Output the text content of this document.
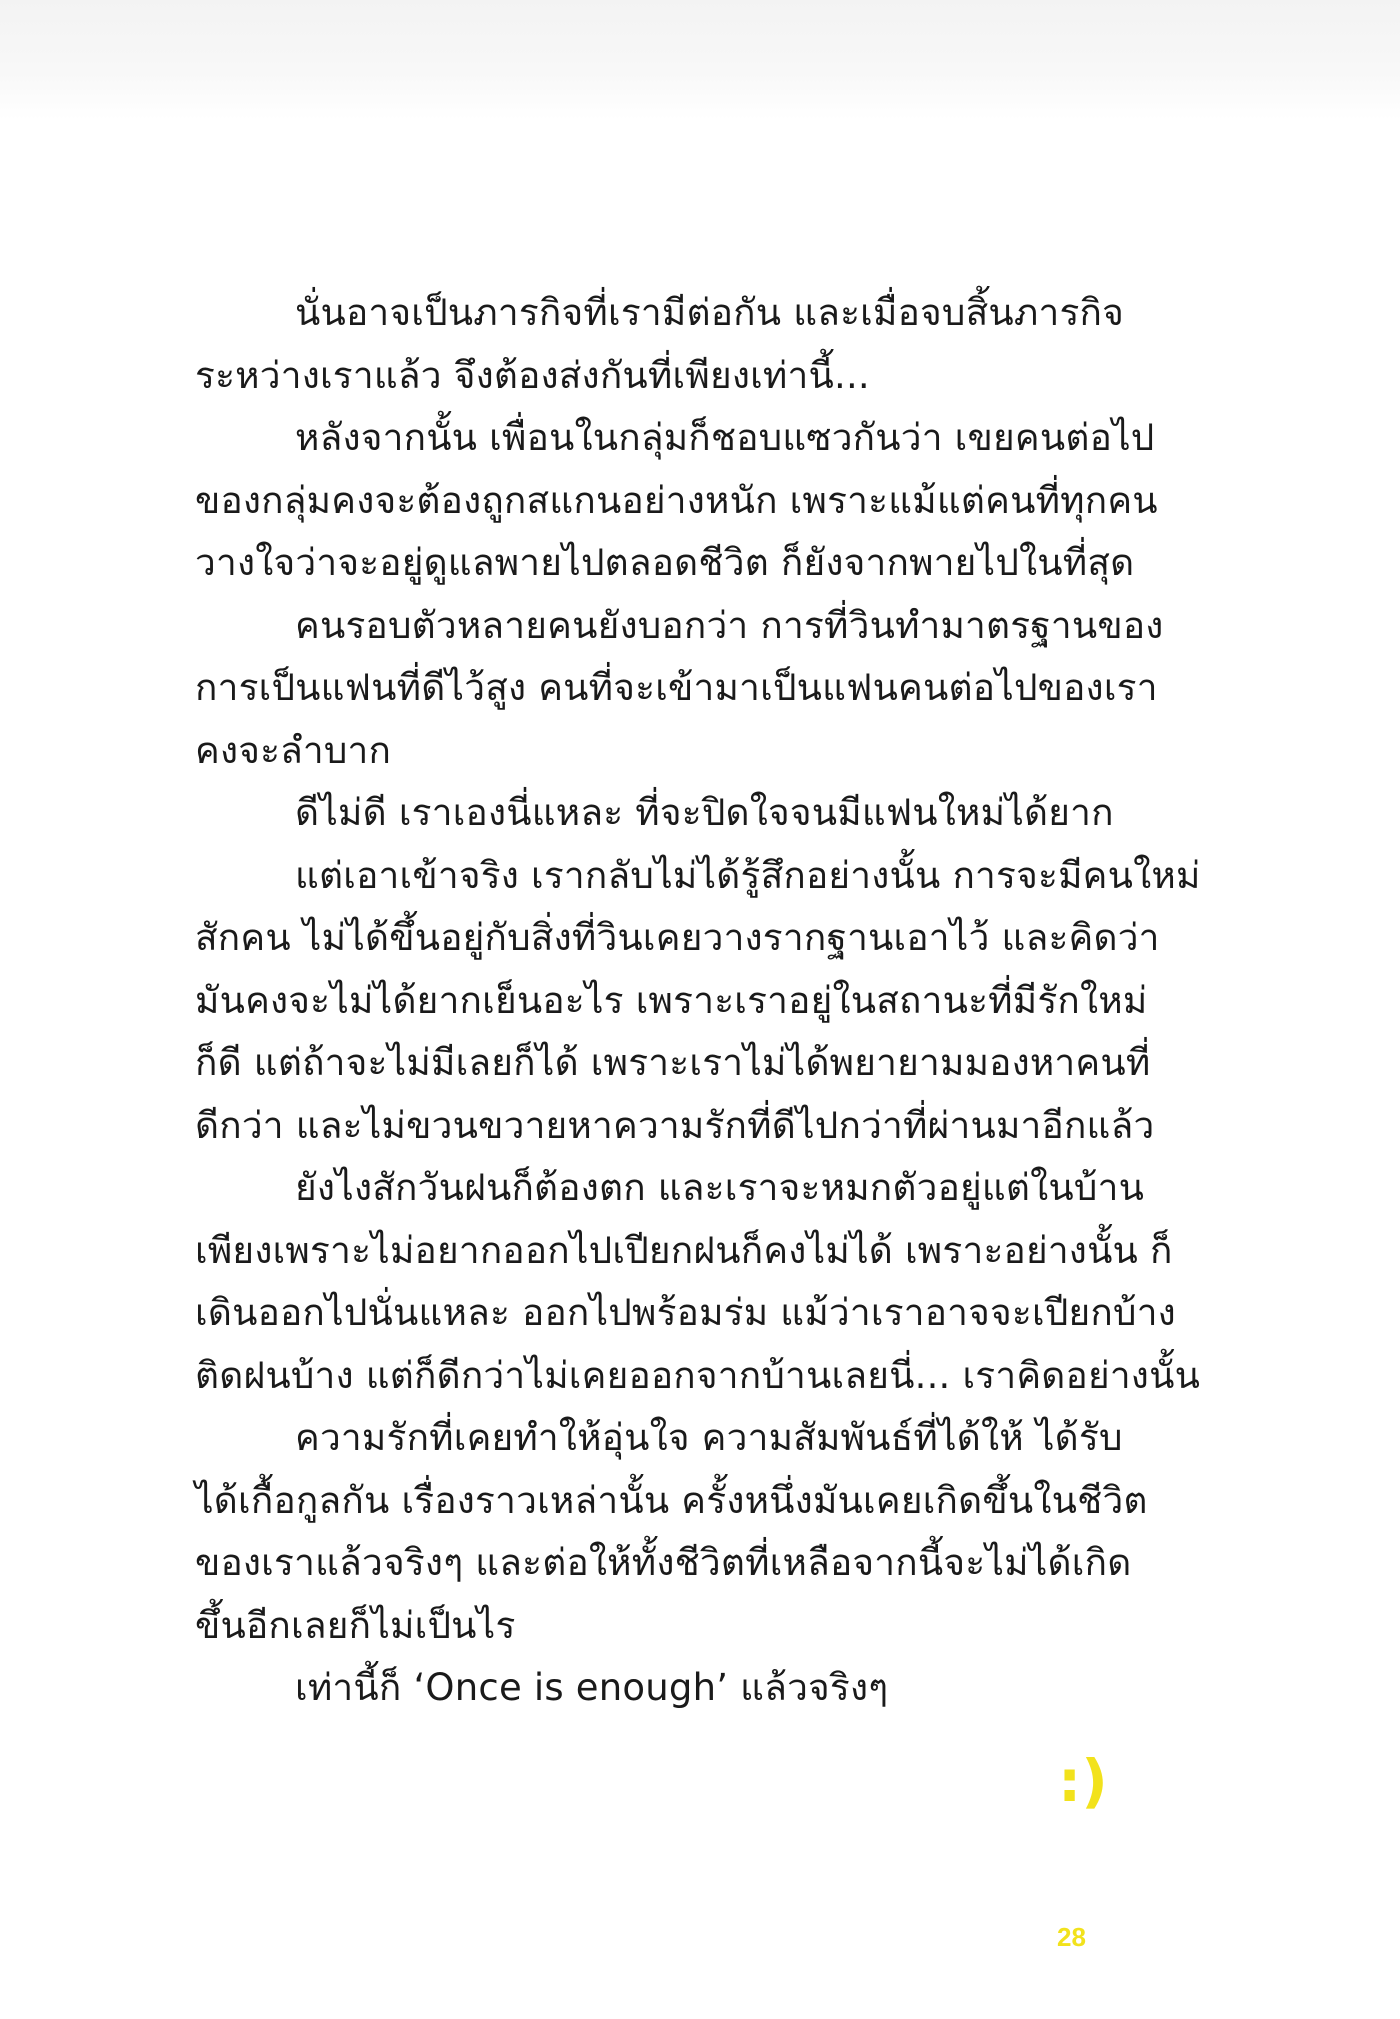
นั่นอาจเป็นภารกิจที่เรามีต่อกัน และเมื่อจบสิ้นภารกิจ
ระหว่างเราแล้ว จึงต้องส่งกันที่เพียงเท่านี้...
หลังจากนั้น เพื่อนในกลุ่มก็ชอบแซวกันว่า เขยคนต่อไป
ของกลุ่มคงจะต้องถูกสแกนอย่างหนัก เพราะแม้แต่คนที่ทุกคน
วางใจว่าจะอยู่ดูแลพายไปตลอดชีวิต ก็ยังจากพายไปในที่สุด
คนรอบตัวหลายคนยังบอกว่า การที่วินทำมาตรฐานของ
การเป็นแฟนที่ดีไว้สูง คนที่จะเข้ามาเป็นแฟนคนต่อไปของเรา
คงจะลำบาก
ดีไม่ดี เราเองนี่แหละ ที่จะปิดใจจนมีแฟนใหม่ได้ยาก
แต่เอาเข้าจริง เรากลับไม่ได้รู้สึกอย่างนั้น การจะมีคนใหม่
สักคน ไม่ได้ขึ้นอยู่กับสิ่งที่วินเคยวางรากฐานเอาไว้ และคิดว่า
มันคงจะไม่ได้ยากเย็นอะไร เพราะเราอยู่ในสถานะที่มีรักใหม่
ก็ดี แต่ถ้าจะไม่มีเลยก็ได้ เพราะเราไม่ได้พยายามมองหาคนที่
ดีกว่า และไม่ขวนขวายหาความรักที่ดีไปกว่าที่ผ่านมาอีกแล้ว
ยังไงสักวันฝนก็ต้องตก และเราจะหมกตัวอยู่แต่ในบ้าน
เพียงเพราะไม่อยากออกไปเปียกฝนก็คงไม่ได้ เพราะอย่างนั้น ก็
เดินออกไปนั่นแหละ ออกไปพร้อมร่ม แม้ว่าเราอาจจะเปียกบ้าง
ติดฝนบ้าง แต่ก็ดีกว่าไม่เคยออกจากบ้านเลยนี่... เราคิดอย่างนั้น
ความรักที่เคยทำให้อุ่นใจ ความสัมพันธ์ที่ได้ให้ ได้รับ
ได้เกื้อกูลกัน เรื่องราวเหล่านั้น ครั้งหนึ่งมันเคยเกิดขึ้นในชีวิต
ของเราแล้วจริงๆ และต่อให้ทั้งชีวิตที่เหลือจากนี้จะไม่ได้เกิด
ขึ้นอีกเลยก็ไม่เป็นไร
เท่านี้ก็ ‘Once is enough’ แล้วจริงๆ
:)
28
